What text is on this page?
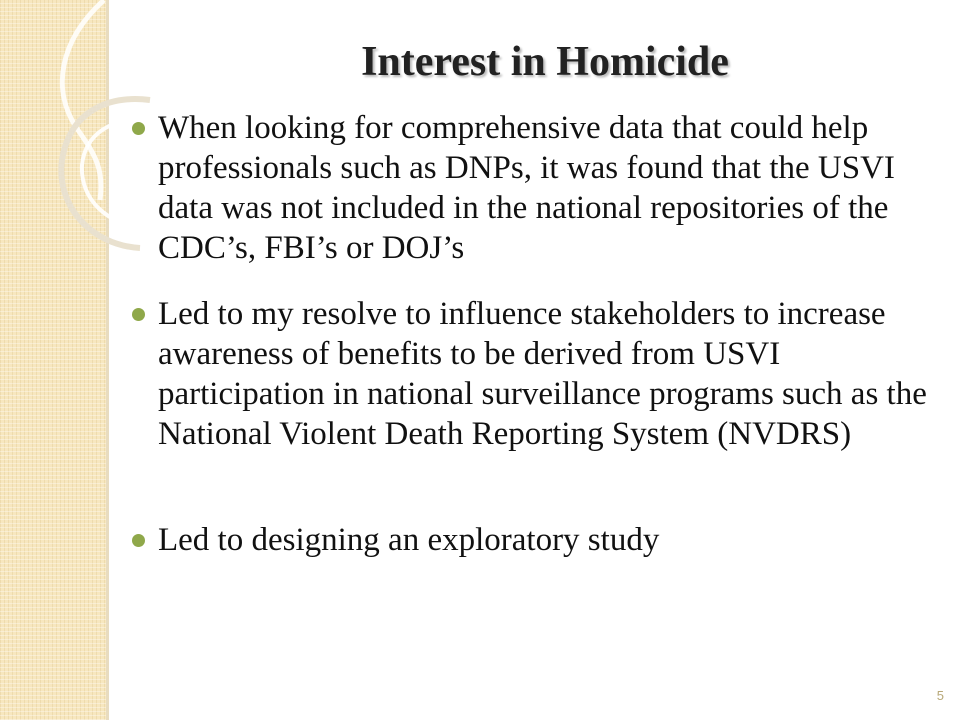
Interest in Homicide
When looking for comprehensive data that could help professionals such as DNPs, it was found that the USVI data was not included in the national repositories of the CDC’s, FBI’s or DOJ’s
Led to my resolve to influence stakeholders to increase awareness of benefits to be derived from USVI participation in national surveillance programs such as the National Violent Death Reporting System (NVDRS)
Led to designing an exploratory study
5
